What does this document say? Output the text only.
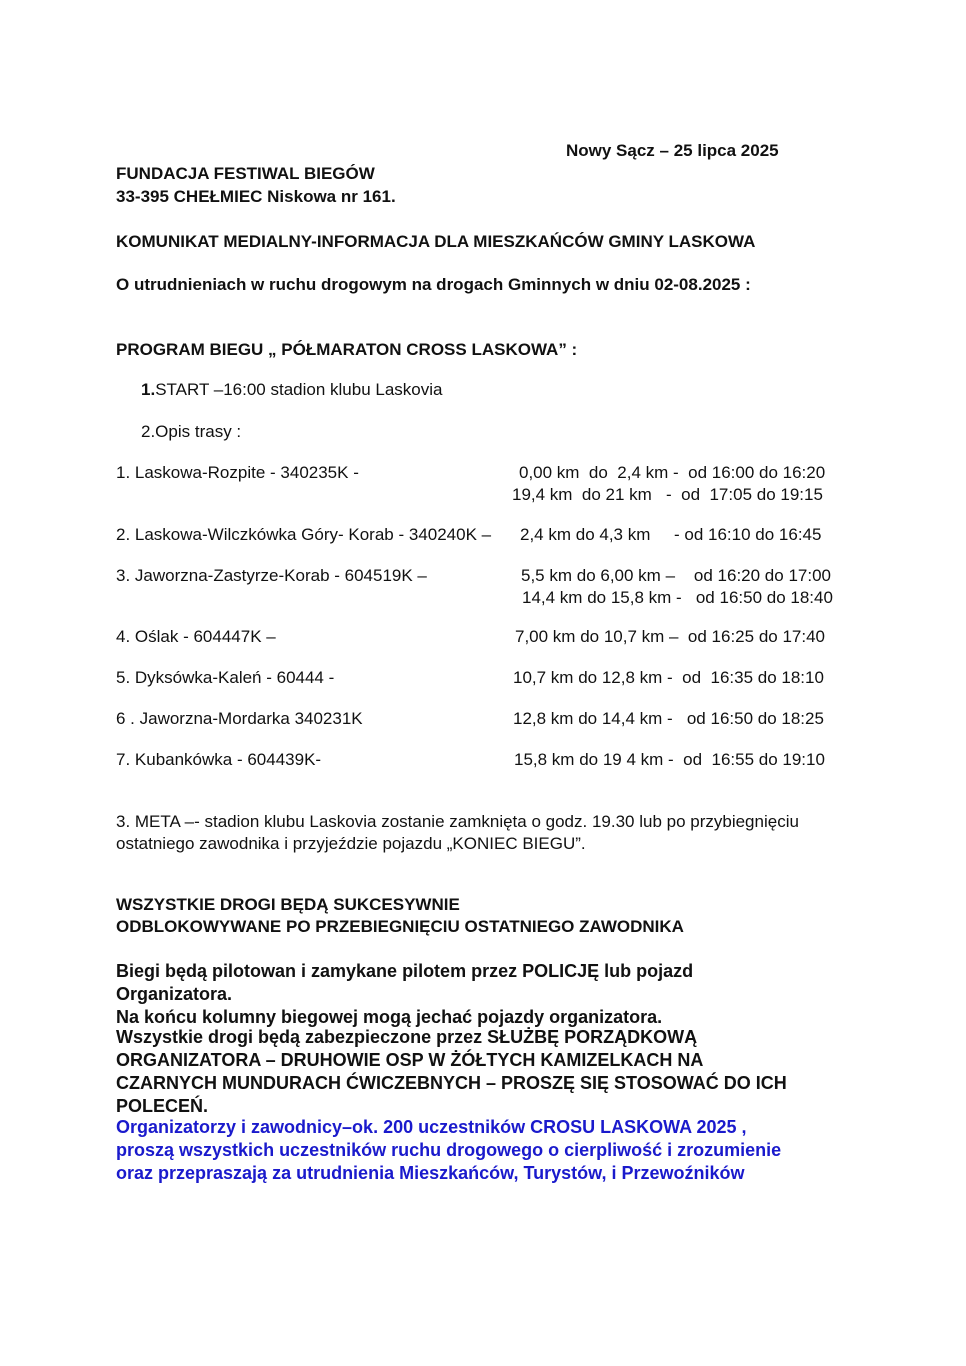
Nowy Sącz – 25 lipca 2025
FUNDACJA FESTIWAL BIEGÓW
33-395 CHEŁMIEC Niskowa nr 161.
KOMUNIKAT MEDIALNY-INFORMACJA DLA MIESZKAŃCÓW GMINY LASKOWA
O utrudnieniach w ruchu drogowym na drogach Gminnych w dniu 02-08.2025 :
PROGRAM BIEGU „ PÓŁMARATON CROSS LASKOWA” :
1.START –16:00 stadion klubu Laskovia
2.Opis trasy :
1. Laskowa-Rozpite - 340235K -	0,00 km  do  2,4 km -  od 16:00 do 16:20
19,4 km  do 21 km   -  od  17:05 do 19:15
2. Laskowa-Wilczkówka Góry- Korab - 340240K – 2,4 km do 4,3 km     - od 16:10 do 16:45
3. Jaworzna-Zastyrze-Korab - 604519K –	5,5 km do 6,00 km –    od 16:20 do 17:00
14,4 km do 15,8 km -   od 16:50 do 18:40
4. Oślak - 604447K –	7,00 km do 10,7 km –  od 16:25 do 17:40
5. Dyksówka-Kaleń - 60444 -	10,7 km do 12,8 km -  od  16:35 do 18:10
6 . Jaworzna-Mordarka 340231K	12,8 km do 14,4 km -   od 16:50 do 18:25
7. Kubankówka - 604439K-	15,8 km do 19 4 km -  od  16:55 do 19:10
3. META –- stadion klubu Laskovia zostanie zamknięta o godz. 19.30 lub po przybiegnięciu
ostatniego zawodnika i przyjeździe pojazdu „KONIEC BIEGU”.
WSZYSTKIE DROGI BĘDĄ SUKCESYWNIE
ODBLOKOWYWANE PO PRZEBIEGNIĘCIU OSTATNIEGO ZAWODNIKA
Biegi będą pilotowan i zamykane pilotem przez POLICJĘ lub pojazd
Organizatora.
Na końcu kolumny biegowej mogą jechać pojazdy organizatora.
Wszystkie drogi będą zabezpieczone przez SŁUŻBĘ PORZĄDKOWĄ
ORGANIZATORA – DRUHOWIE OSP W ŻÓŁTYCH KAMIZELKACH NA
CZARNYCH MUNDURACH ĆWICZEBNYCH – PROSZĘ SIĘ STOSOWAĆ DO ICH
POLECEŃ.
Organizatorzy i zawodnicy–ok. 200 uczestników CROSU LASKOWA 2025 ,
proszą wszystkich uczestników ruchu drogowego o cierpliwość i zrozumienie
oraz przepraszają za utrudnienia Mieszkańców, Turystów, i Przewoźników
